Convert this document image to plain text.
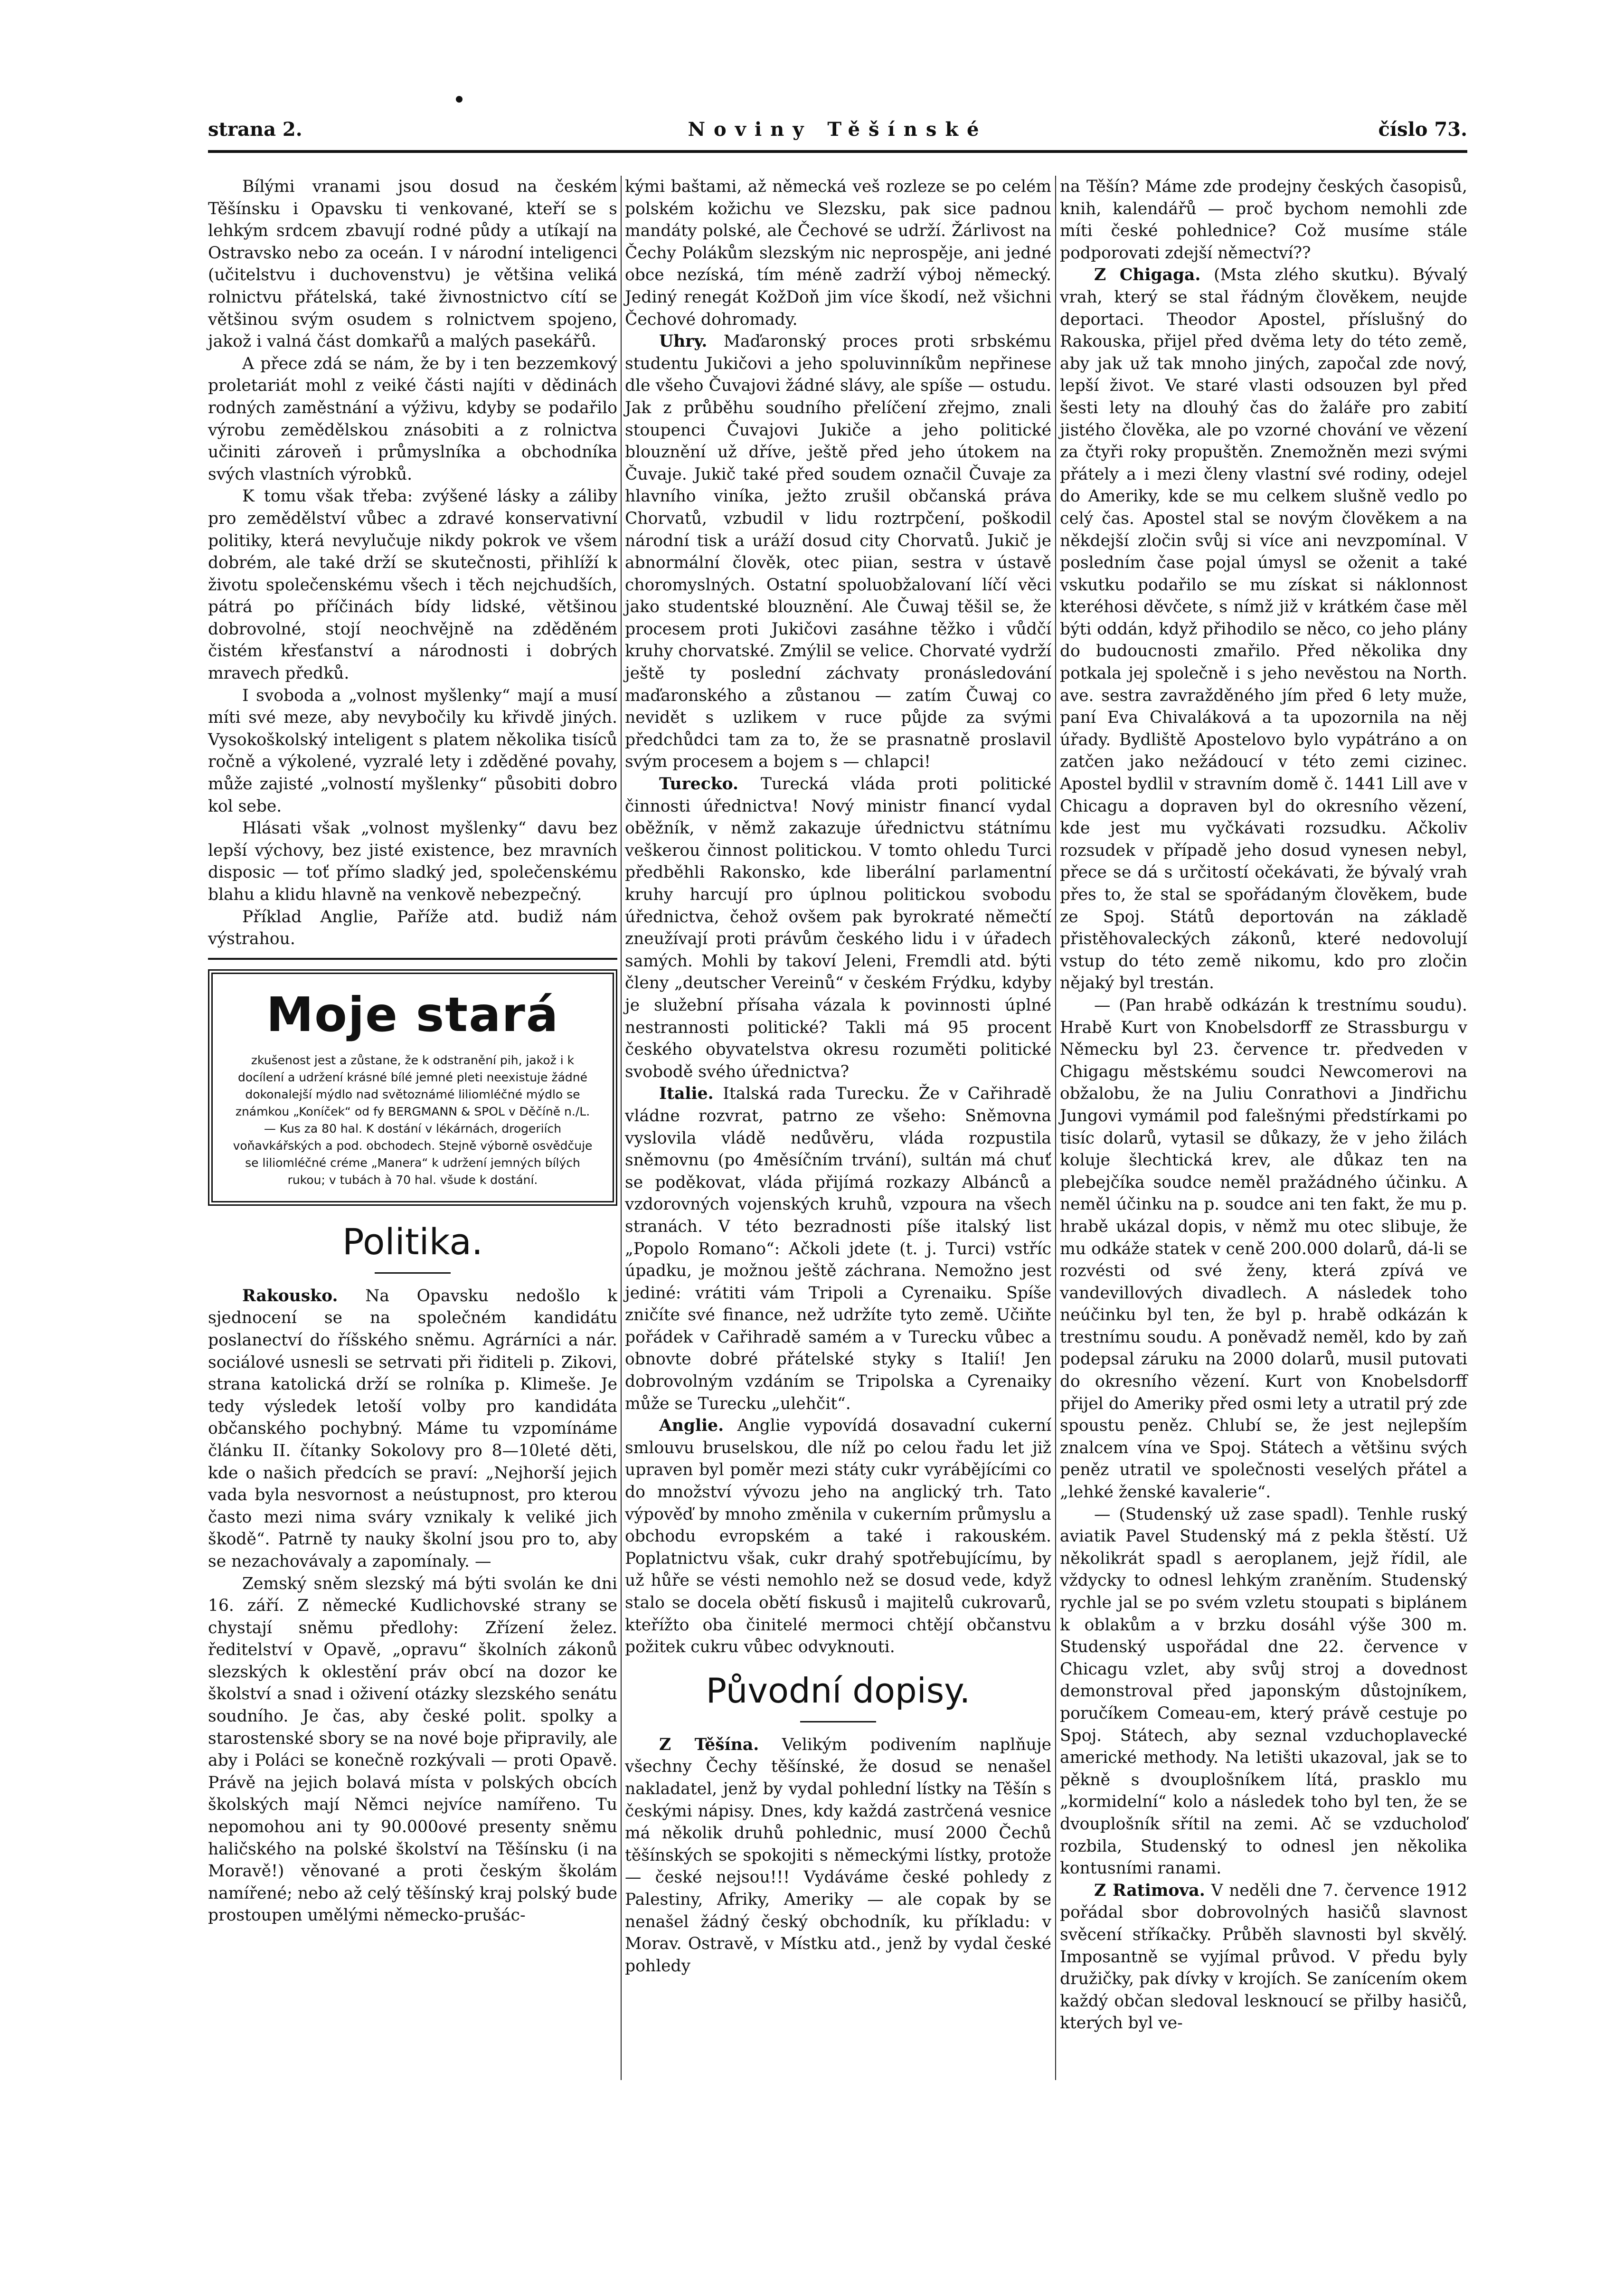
strana 2.	Noviny Těšínské	číslo 73.

Bílými vranami jsou dosud na českém Těšínsku i Opavsku ti venkované, kteří se s lehkým srdcem zbavují rodné půdy a utíkají na Ostravsko nebo za oceán. I v národní inteligenci (učitelstvu i duchovenstvu) je většina veliká rolnictvu přátelská, také živnostnictvo cítí se většinou svým osudem s rolnictvem spojeno, jakož i valná část domkařů a malých pasekářů.

A přece zdá se nám, že by i ten bezzemkový proletariát mohl z veiké části najíti v dědinách rodných zaměstnání a výživu, kdyby se podařilo výrobu zemědělskou znásobiti a z rolnictva učiniti zároveň i průmyslníka a obchodníka svých vlastních výrobků.

K tomu však třeba: zvýšené lásky a záliby pro zemědělství vůbec a zdravé konservativní politiky, která nevylučuje nikdy pokrok ve všem dobrém, ale také drží se skutečnosti, přihlíží k životu společenskému všech i těch nejchudších, pátrá po příčinách bídy lidské, většinou dobrovolné, stojí neochvějně na zděděném čistém křesťanství a národnosti i dobrých mravech předků.

I svoboda a „volnost myšlenky“ mají a musí míti své meze, aby nevybočily ku křivdě jiných. Vysokoškolský inteligent s platem několika tisíců ročně a výkolené, vyzralé lety i zděděné povahy, může zajisté „volností myšlenky“ působiti dobro kol sebe.

Hlásati však „volnost myšlenky“ davu bez lepší výchovy, bez jisté existence, bez mravních disposic — toť přímo sladký jed, společenskému blahu a klidu hlavně na venkově nebezpečný.

Příklad Anglie, Paříže atd. budiž nám výstrahou.

Moje stará
zkušenost jest a zůstane, že k odstranění pih, jakož i k docílení a udržení krásné bílé jemné pleti neexistuje žádné dokonalejší mýdlo nad světoznámé liliomléčné mýdlo se známkou „Koníček“ od fy BERGMANN & SPOL v Děčíně n./L. — Kus za 80 hal. K dostání v lékárnách, drogeriích voňavkářských a pod. obchodech. Stejně výborně osvědčuje se liliomléčné créme „Manera“ k udržení jemných bílých rukou; v tubách à 70 hal. všude k dostání.
Politika.

Rakousko. Na Opavsku nedošlo k sjednocení se na společném kandidátu poslanectví do říšského sněmu. Agrárníci a nár. sociálové usnesli se setrvati při řiditeli p. Zikovi, strana katolická drží se rolníka p. Klimeše. Je tedy výsledek letoší volby pro kandidáta občanského pochybný. Máme tu vzpomínáme článku II. čítanky Sokolovy pro 8—10leté děti, kde o našich předcích se praví: „Nejhorší jejich vada byla nesvornost a neústupnost, pro kterou často mezi nima sváry vznikaly k veliké jich škodě“. Patrně ty nauky školní jsou pro to, aby se nezachovávaly a zapomínaly. —

Zemský sněm slezský má býti svolán ke dni 16. září. Z německé Kudlichovské strany se chystají sněmu předlohy: Zřízení želez. ředitelství v Opavě, „opravu“ školních zákonů slezských k oklestění práv obcí na dozor ke školství a snad i oživení otázky slezského senátu soudního. Je čas, aby české polit. spolky a starostenské sbory se na nové boje připravily, ale aby i Poláci se konečně rozkývali — proti Opavě. Právě na jejich bolavá místa v polských obcích školských mají Němci nejvíce namířeno. Tu nepomohou ani ty 90.000ové presenty sněmu haličského na polské školství na Těšínsku (i na Moravě!) věnované a proti českým školám namířené; nebo až celý těšínský kraj polský bude prostoupen umělými německo-prušác-

kými baštami, až německá veš rozleze se po celém polském kožichu ve Slezsku, pak sice padnou mandáty polské, ale Čechové se udrží. Žárlivost na Čechy Polákům slezským nic neprospěje, ani jedné obce nezíská, tím méně zadrží výboj německý. Jediný renegát KožDoň jim více škodí, než všichni Čechové dohromady.

Uhry. Maďaronský proces proti srbskému studentu Jukičovi a jeho spoluvinníkům nepřinese dle všeho Čuvajovi žádné slávy, ale spíše — ostudu. Jak z průběhu soudního přelíčení zřejmo, znali stoupenci Čuvajovi Jukiče a jeho politické blouznění už dříve, ještě před jeho útokem na Čuvaje. Jukič také před soudem označil Čuvaje za hlavního viníka, ježto zrušil občanská práva Chorvatů, vzbudil v lidu roztrpčení, poškodil národní tisk a uráží dosud city Chorvatů. Jukič je abnormální člověk, otec piian, sestra v ústavě choromyslných. Ostatní spoluobžalovaní líčí věci jako studentské blouznění. Ale Čuwaj těšil se, že procesem proti Jukičovi zasáhne těžko i vůdčí kruhy chorvatské. Zmýlil se velice. Chorvaté vydrží ještě ty poslední záchvaty pronásledování maďaronského a zůstanou — zatím Čuwaj co nevidět s uzlikem v ruce půjde za svými předchůdci tam za to, že se prasnatně proslavil svým procesem a bojem s — chlapci!

Turecko. Turecká vláda proti politické činnosti úřednictva! Nový ministr financí vydal oběžník, v němž zakazuje úřednictvu státnímu veškerou činnost politickou. V tomto ohledu Turci předběhli Rakonsko, kde liberální parlamentní kruhy harcují pro úplnou politickou svobodu úřednictva, čehož ovšem pak byrokraté němečtí zneužívají proti právům českého lidu i v úřadech samých. Mohli by takoví Jeleni, Fremdli atd. býti členy „deutscher Vereinů“ v českém Frýdku, kdyby je služební přísaha vázala k povinnosti úplné nestrannosti politické? Takli má 95 procent českého obyvatelstva okresu rozuměti politické svobodě svého úřednictva?

Italie. Italská rada Turecku. Že v Cařihradě vládne rozvrat, patrno ze všeho: Sněmovna vyslovila vládě nedůvěru, vláda rozpustila sněmovnu (po 4měsíčním trvání), sultán má chuť se poděkovat, vláda přijímá rozkazy Albánců a vzdorovných vojenských kruhů, vzpoura na všech stranách. V této bezradnosti píše italský list „Popolo Romano“: Ačkoli jdete (t. j. Turci) vstříc úpadku, je možnou ještě záchrana. Nemožno jest jediné: vrátiti vám Tripoli a Cyrenaiku. Spíše zničíte své finance, než udržíte tyto země. Učiňte pořádek v Cařihradě samém a v Turecku vůbec a obnovte dobré přátelské styky s Italií! Jen dobrovolným vzdáním se Tripolska a Cyrenaiky může se Turecku „ulehčit“.

Anglie. Anglie vypovídá dosavadní cukerní smlouvu bruselskou, dle níž po celou řadu let již upraven byl poměr mezi státy cukr vyrábějícími co do množství vývozu jeho na anglický trh. Tato výpověď by mnoho změnila v cukerním průmyslu a obchodu evropském a také i rakouském. Poplatnictvu však, cukr drahý spotřebujícímu, by už hůře se vésti nemohlo než se dosud vede, když stalo se docela obětí fiskusů i majitelů cukrovarů, kteřížto oba činitelé mermoci chtějí občanstvu požitek cukru vůbec odvyknouti.

Původní dopisy.

Z Těšína. Velikým podivením naplňuje všechny Čechy těšínské, že dosud se nenašel nakladatel, jenž by vydal pohlední lístky na Těšín s českými nápisy. Dnes, kdy každá zastrčená vesnice má několik druhů pohlednic, musí 2000 Čechů těšínských se spokojiti s německými lístky, protože — české nejsou!!! Vydáváme české pohledy z Palestiny, Afriky, Ameriky — ale copak by se nenašel žádný český obchodník, ku příkladu: v Morav. Ostravě, v Místku atd., jenž by vydal české pohledy

na Těšín? Máme zde prodejny českých časopisů, knih, kalendářů — proč bychom nemohli zde míti české pohlednice? Což musíme stále podporovati zdejší němectví??

Z Chigaga. (Msta zlého skutku). Bývalý vrah, který se stal řádným člověkem, neujde deportaci. Theodor Apostel, příslušný do Rakouska, přijel před dvěma lety do této země, aby jak už tak mnoho jiných, započal zde nový, lepší život. Ve staré vlasti odsouzen byl před šesti lety na dlouhý čas do žaláře pro zabití jistého člověka, ale po vzorné chování ve vězení za čtyři roky propuštěn. Znemožněn mezi svými přátely a i mezi členy vlastní své rodiny, odejel do Ameriky, kde se mu celkem slušně vedlo po celý čas. Apostel stal se novým člověkem a na někdejší zločin svůj si více ani nevzpomínal. V posledním čase pojal úmysl se oženit a také vskutku podařilo se mu získat si náklonnost kteréhosi děvčete, s nímž již v krátkém čase měl býti oddán, když přihodilo se něco, co jeho plány do budoucnosti zmařilo. Před několika dny potkala jej společně i s jeho nevěstou na North. ave. sestra zavražděného jím před 6 lety muže, paní Eva Chivaláková a ta upozornila na něj úřady. Bydliště Apostelovo bylo vypátráno a on zatčen jako nežádoucí v této zemi cizinec. Apostel bydlil v stravním domě č. 1441 Lill ave v Chicagu a dopraven byl do okresního vězení, kde jest mu vyčkávati rozsudku. Ačkoliv rozsudek v případě jeho dosud vynesen nebyl, přece se dá s určitostí očekávati, že bývalý vrah přes to, že stal se spořádaným člověkem, bude ze Spoj. Států deportován na základě přistěhovaleckých zákonů, které nedovolují vstup do této země nikomu, kdo pro zločin nějaký byl trestán.

— (Pan hrabě odkázán k trestnímu soudu). Hrabě Kurt von Knobelsdorff ze Strassburgu v Německu byl 23. července tr. předveden v Chigagu městskému soudci Newcomerovi na obžalobu, že na Juliu Conrathovi a Jindřichu Jungovi vymámil pod falešnými předstírkami po tisíc dolarů, vytasil se důkazy, že v jeho žilách koluje šlechtická krev, ale důkaz ten na plebejčíka soudce neměl pražádného účinku. A neměl účinku na p. soudce ani ten fakt, že mu p. hrabě ukázal dopis, v němž mu otec slibuje, že mu odkáže statek v ceně 200.000 dolarů, dá-li se rozvésti od své ženy, která zpívá ve vandevillových divadlech. A následek toho neúčinku byl ten, že byl p. hrabě odkázán k trestnímu soudu. A poněvadž neměl, kdo by zaň podepsal záruku na 2000 dolarů, musil putovati do okresního vězení. Kurt von Knobelsdorff přijel do Ameriky před osmi lety a utratil prý zde spoustu peněz. Chlubí se, že jest nejlepším znalcem vína ve Spoj. Státech a většinu svých peněz utratil ve společnosti veselých přátel a „lehké ženské kavalerie“.

— (Studenský už zase spadl). Tenhle ruský aviatik Pavel Studenský má z pekla štěstí. Už několikrát spadl s aeroplanem, jejž řídil, ale vždycky to odnesl lehkým zraněním. Studenský rychle jal se po svém vzletu stoupati s biplánem k oblakům a v brzku dosáhl výše 300 m. Studenský uspořádal dne 22. července v Chicagu vzlet, aby svůj stroj a dovednost demonstroval před japonským důstojníkem, poručíkem Comeau-em, který právě cestuje po Spoj. Státech, aby seznal vzduchoplavecké americké methody. Na letišti ukazoval, jak se to pěkně s dvouplošníkem lítá, prasklo mu „kormidelní“ kolo a následek toho byl ten, že se dvouplošník sřítil na zemi. Ač se vzducholoď rozbila, Studenský to odnesl jen několika kontusními ranami.

Z Ratimova. V neděli dne 7. července 1912 pořádal sbor dobrovolných hasičů slavnost svěcení stříkačky. Průběh slavnosti byl skvělý. Imposantně se vyjímal průvod. V předu byly družičky, pak dívky v krojích. Se zanícením okem každý občan sledoval lesknoucí se přilby hasičů, kterých byl ve-
